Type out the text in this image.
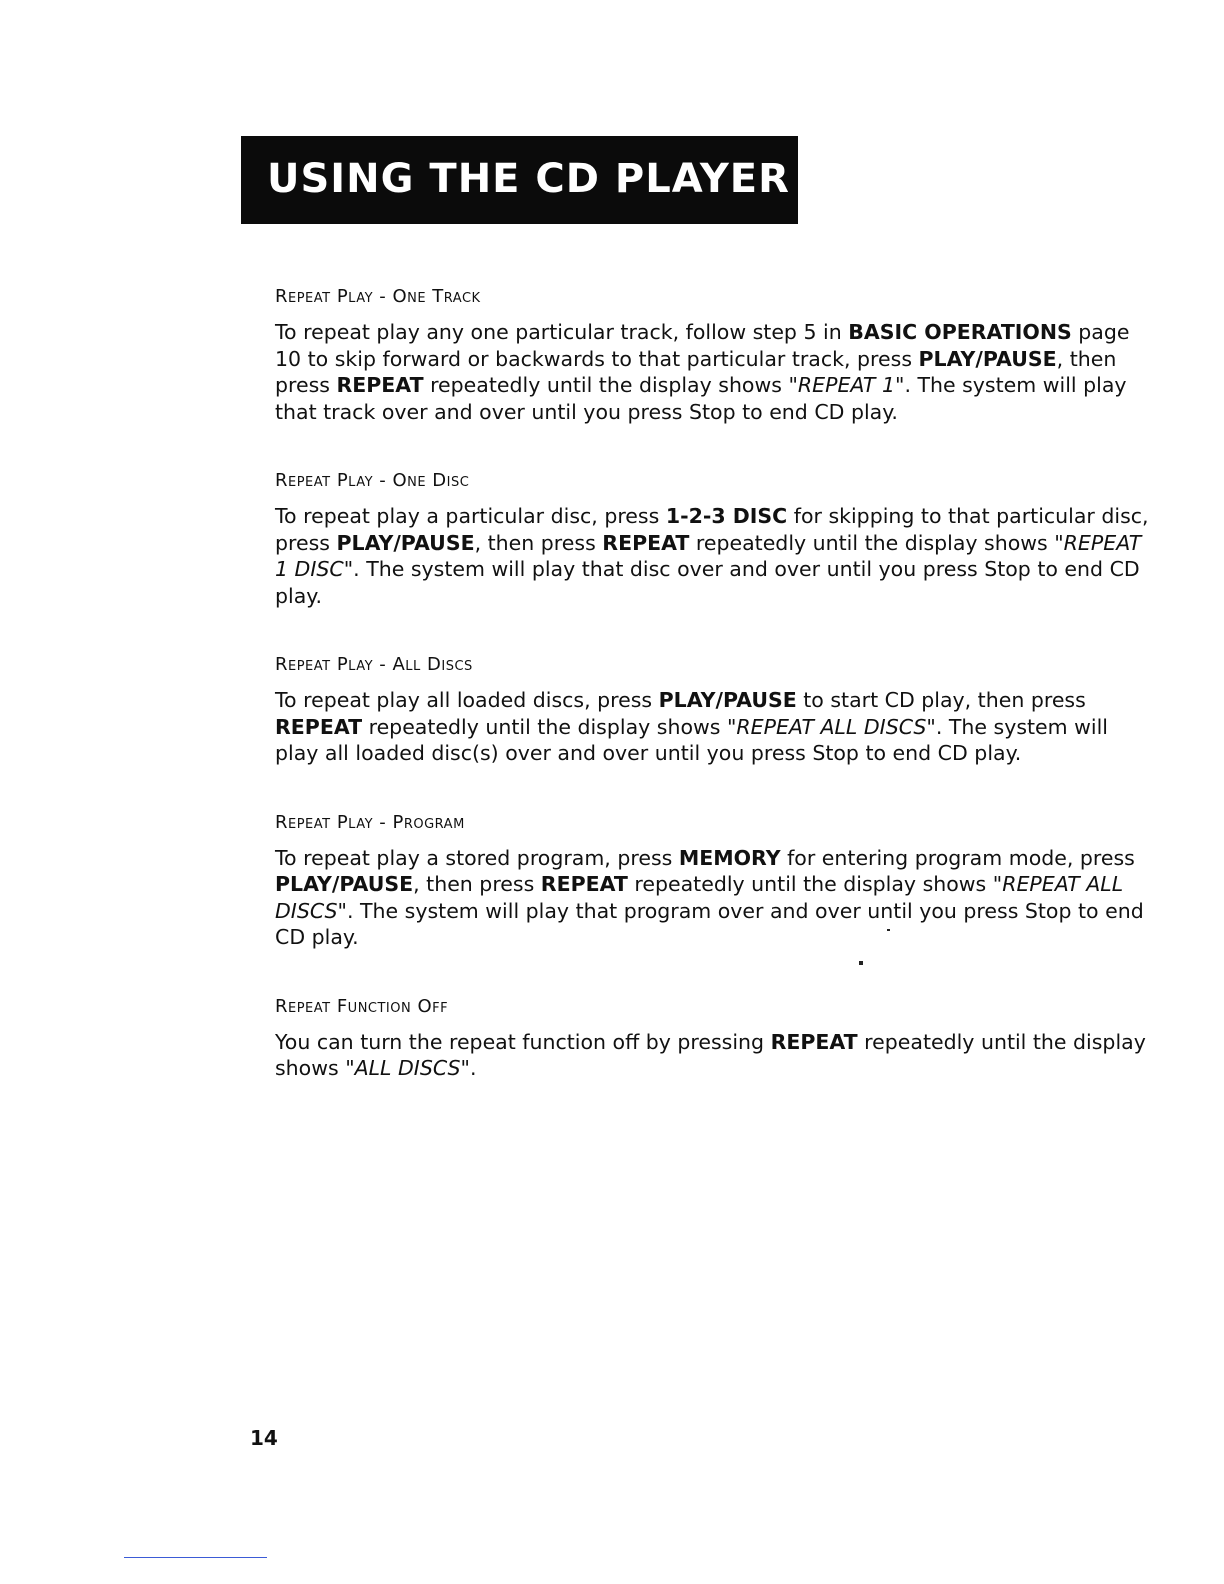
USING THE CD PLAYER
Repeat Play - One Track

To repeat play any one particular track, follow step 5 in BASIC OPERATIONS page 10 to skip forward or backwards to that particular track, press PLAY/PAUSE, then press REPEAT repeatedly until the display shows "REPEAT 1". The system will play that track over and over until you press Stop to end CD play.

Repeat Play - One Disc

To repeat play a particular disc, press 1-2-3 DISC for skipping to that particular disc, press PLAY/PAUSE, then press REPEAT repeatedly until the display shows "REPEAT 1 DISC". The system will play that disc over and over until you press Stop to end CD play.

Repeat Play - All Discs

To repeat play all loaded discs, press PLAY/PAUSE to start CD play, then press REPEAT repeatedly until the display shows "REPEAT ALL DISCS". The system will play all loaded disc(s) over and over until you press Stop to end CD play.

Repeat Play - Program

To repeat play a stored program, press MEMORY for entering program mode, press PLAY/PAUSE, then press REPEAT repeatedly until the display shows "REPEAT ALL DISCS". The system will play that program over and over until you press Stop to end CD play.

Repeat Function Off

You can turn the repeat function off by pressing REPEAT repeatedly until the display shows "ALL DISCS".

14
